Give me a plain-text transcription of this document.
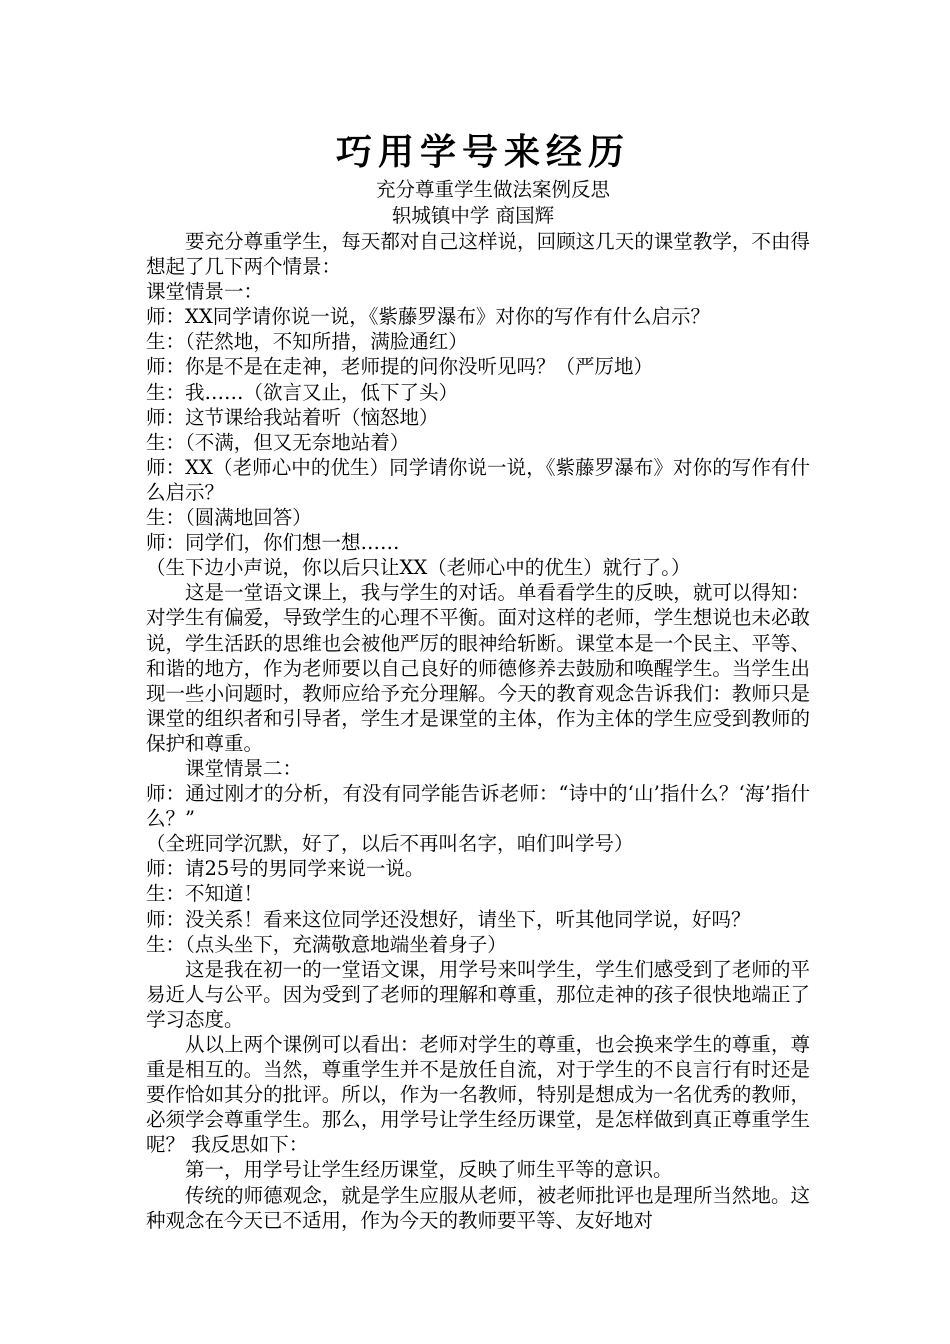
巧用学号来经历

充分尊重学生做法案例反思

轵城镇中学 商国辉

要充分尊重学生，每天都对自己这样说，回顾这几天的课堂教学，不由得想起了几下两个情景：

课堂情景一：

师：XX同学请你说一说，《紫藤罗瀑布》对你的写作有什么启示？

生：（茫然地，不知所措，满脸通红）

师：你是不是在走神，老师提的问你没听见吗？（严厉地）

生：我……（欲言又止，低下了头）

师：这节课给我站着听（恼怒地）

生：（不满，但又无奈地站着）

师：XX（老师心中的优生）同学请你说一说，《紫藤罗瀑布》对你的写作有什么启示？

生：（圆满地回答）

师：同学们，你们想一想……

（生下边小声说，你以后只让XX（老师心中的优生）就行了。）

这是一堂语文课上，我与学生的对话。单看看学生的反映，就可以得知：对学生有偏爱，导致学生的心理不平衡。面对这样的老师，学生想说也未必敢说，学生活跃的思维也会被他严厉的眼神给斩断。课堂本是一个民主、平等、和谐的地方，作为老师要以自己良好的师德修养去鼓励和唤醒学生。当学生出现一些小问题时，教师应给予充分理解。今天的教育观念告诉我们：教师只是课堂的组织者和引导者，学生才是课堂的主体，作为主体的学生应受到教师的保护和尊重。

课堂情景二：

师：通过刚才的分析，有没有同学能告诉老师：“诗中的‘山’指什么？‘海’指什么？”

（全班同学沉默，好了，以后不再叫名字，咱们叫学号）

师：请25号的男同学来说一说。

生：不知道！

师：没关系！看来这位同学还没想好，请坐下，听其他同学说，好吗？

生：（点头坐下，充满敬意地端坐着身子）

这是我在初一的一堂语文课，用学号来叫学生，学生们感受到了老师的平易近人与公平。因为受到了老师的理解和尊重，那位走神的孩子很快地端正了学习态度。

从以上两个课例可以看出：老师对学生的尊重，也会换来学生的尊重，尊重是相互的。当然，尊重学生并不是放任自流，对于学生的不良言行有时还是要作恰如其分的批评。所以，作为一名教师，特别是想成为一名优秀的教师，必须学会尊重学生。那么，用学号让学生经历课堂，是怎样做到真正尊重学生呢？ 我反思如下：

第一，用学号让学生经历课堂，反映了师生平等的意识。

传统的师德观念，就是学生应服从老师，被老师批评也是理所当然地。这种观念在今天已不适用，作为今天的教师要平等、友好地对
